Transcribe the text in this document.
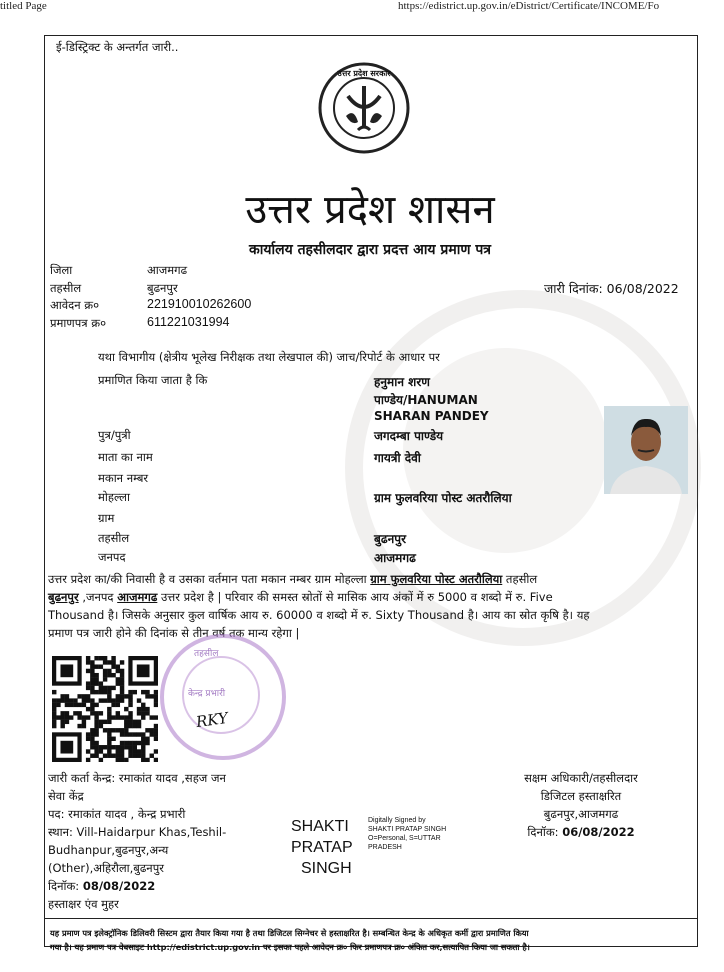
titled Page	https://edistrict.up.gov.in/eDistrict/Certificate/INCOME/Fo
ई-डिस्ट्रिक्ट के अन्तर्गत जारी..
उत्तर प्रदेश सरकार
उत्तर प्रदेश शासन
कार्यालय तहसीलदार द्वारा प्रदत्त आय प्रमाण पत्र
जिला	आजमगढ
तहसील	बुढनपुर
आवेदन क्र०	221910010262600
प्रमाणपत्र क्र०	611221031994
जारी दिनांक: 06/08/2022
यथा विभागीय (क्षेत्रीय भूलेख निरीक्षक तथा लेखपाल की) जाच/रिपोर्ट के आधार पर
प्रमाणित किया जाता है कि	हनुमान शरण
पाण्डेय/HANUMAN
SHARAN PANDEY
पुत्र/पुत्री	जगदम्बा पाण्डेय
माता का नाम	गायत्री देवी
मकान नम्बर
मोहल्ला	ग्राम फुलवरिया पोस्ट अतरौलिया
ग्राम
तहसील	बुढनपुर
जनपद	आजमगढ
उत्तर प्रदेश का/की निवासी है व उसका वर्तमान पता मकान नम्बर ग्राम मोहल्ला ग्राम फुलवरिया पोस्ट अतरौलिया तहसील
बुढनपुर ,जनपद आजमगढ उत्तर प्रदेश है | परिवार की समस्त स्रोतों से मासिक आय अंकों में रु 5000 व शब्दो में रु. Five
Thousand है। जिसके अनुसार कुल वार्षिक आय रु. 60000 व शब्दो में रु. Sixty Thousand है। आय का स्रोत कृषि है। यह
प्रमाण पत्र जारी होने की दिनांक से तीन वर्ष तक मान्य रहेगा |
तहसील
केन्द्र प्रभारी
RKY
जारी कर्ता केन्द्र: रमाकांत यादव ,सहज जन
सेवा केंद्र
पद: रमाकांत यादव , केन्द्र प्रभारी
स्थान: Vill-Haidarpur Khas,Teshil-
Budhanpur,बुढनपुर,अन्य
(Other),अहिरौला,बुढनपुर
दिनॉक: 08/08/2022
हस्ताक्षर एंव मुहर
SHAKTI
PRATAP
SINGH
Digitally Signed by
SHAKTI PRATAP SINGH
O=Personal, S=UTTAR
PRADESH
सक्षम अधिकारी/तहसीलदार
डिजिटल हस्ताक्षरित
बुढनपुर,आजमगढ
दिनॉक: 06/08/2022
यह प्रमाण पत्र इलेक्ट्रॉनिक डिलिवरी सिस्टम द्वारा तैयार किया गया है तथा डिजिटल सिग्नेचर से हस्ताक्षरित है। सम्बन्धित केन्द्र के अधिकृत कर्मी द्वारा प्रमाणित किया
गया है। यह प्रमाण पत्र वेबसाइट http://edistrict.up.gov.in पर इसका पहले आवेदन क्र० फिर प्रमाणपत्र क्र० अंकित कर,सत्यापित किया जा सकता है।
